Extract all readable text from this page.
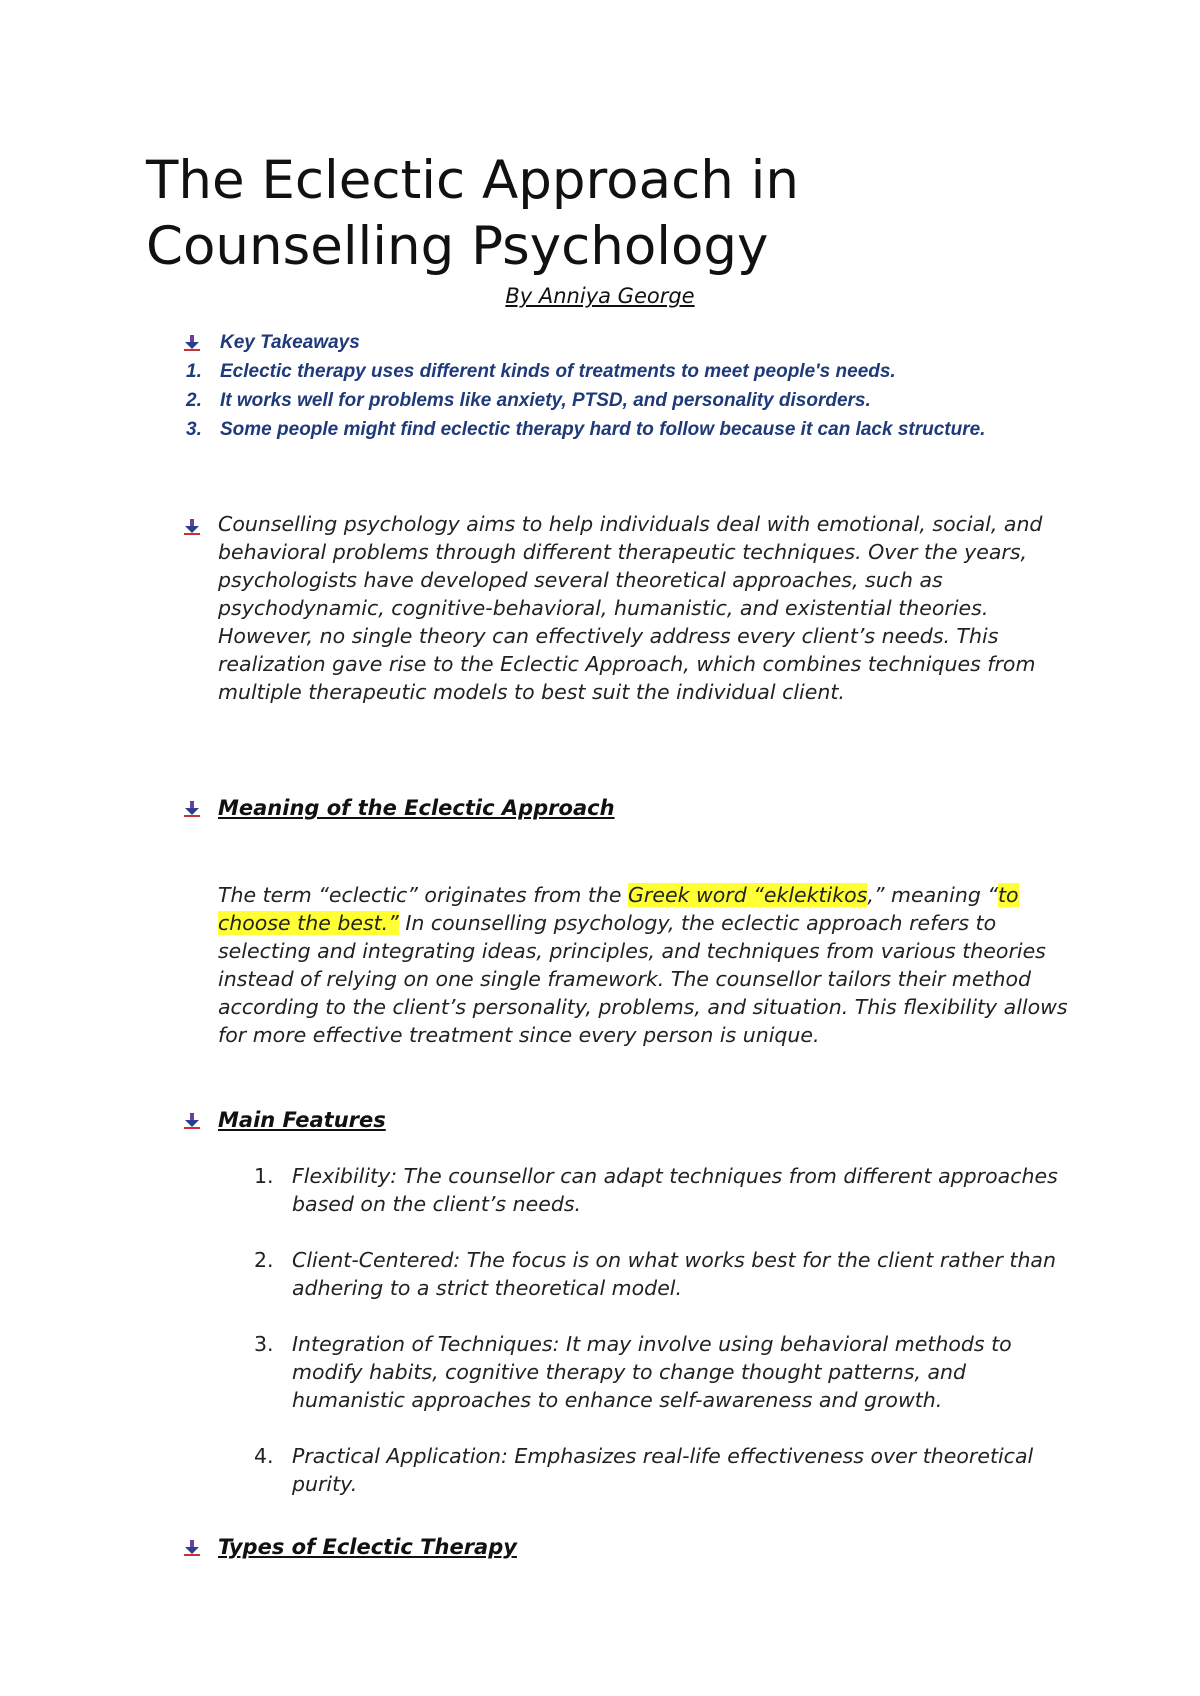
The Eclectic Approach in
Counselling Psychology
By Anniya George
Key Takeaways
1. Eclectic therapy uses different kinds of treatments to meet people's needs.
2. It works well for problems like anxiety, PTSD, and personality disorders.
3. Some people might find eclectic therapy hard to follow because it can lack structure.

Counselling psychology aims to help individuals deal with emotional, social, and behavioral problems through different therapeutic techniques. Over the years, psychologists have developed several theoretical approaches, such as psychodynamic, cognitive-behavioral, humanistic, and existential theories. However, no single theory can effectively address every client’s needs. This realization gave rise to the Eclectic Approach, which combines techniques from multiple therapeutic models to best suit the individual client.

Meaning of the Eclectic Approach

The term “eclectic” originates from the Greek word “eklektikos,” meaning “to choose the best.” In counselling psychology, the eclectic approach refers to selecting and integrating ideas, principles, and techniques from various theories instead of relying on one single framework. The counsellor tailors their method according to the client’s personality, problems, and situation. This flexibility allows for more effective treatment since every person is unique.

Main Features
1. Flexibility: The counsellor can adapt techniques from different approaches based on the client’s needs.
2. Client-Centered: The focus is on what works best for the client rather than adhering to a strict theoretical model.
3. Integration of Techniques: It may involve using behavioral methods to modify habits, cognitive therapy to change thought patterns, and humanistic approaches to enhance self-awareness and growth.
4. Practical Application: Emphasizes real-life effectiveness over theoretical purity.
Types of Eclectic Therapy
